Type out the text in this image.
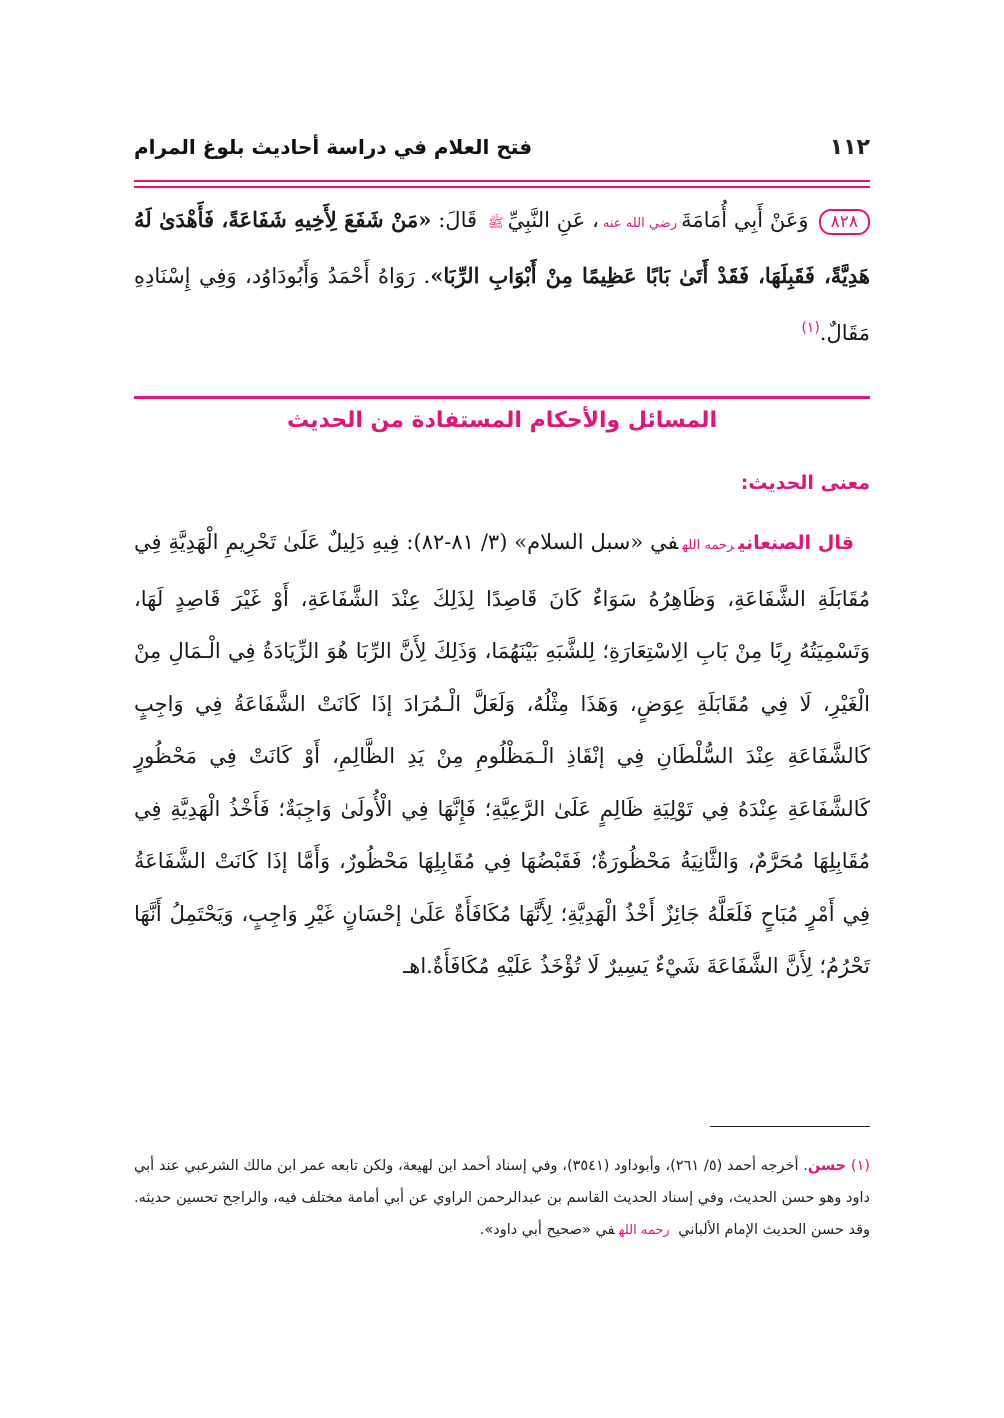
١١٢
فتح العلام في دراسة أحاديث بلوغ المرام
٨٢٨وَعَنْ أَبِي أُمَامَةَرضي الله عنه، عَنِ النَّبِيِّﷺ قَالَ: «مَنْ شَفَعَ لِأَخِيهِ شَفَاعَةً، فَأَهْدَىٰ لَهُ هَدِيَّةً، فَقَبِلَهَا، فَقَدْ أَتَىٰ بَابًا عَظِيمًا مِنْ أَبْوَابِ الرِّبَا». رَوَاهُ أَحْمَدُ وَأَبُودَاوُد، وَفِي إِسْنَادِهِ مَقَالٌ.$^{(١)}$
المسائل والأحكام المستفادة من الحديث
معنى الحديث:
قال الصنعانيرحمه اللهفي «سبل السلام» (٣/ ٨١-٨٢): فِيهِ دَلِيلٌ عَلَىٰ تَحْرِيمِ الْهَدِيَّةِ فِي مُقَابَلَةِ الشَّفَاعَةِ، وَظَاهِرُهُ سَوَاءٌ كَانَ قَاصِدًا لِذَلِكَ عِنْدَ الشَّفَاعَةِ، أَوْ غَيْرَ قَاصِدٍ لَهَا، وَتَسْمِيَتُهُ رِبًا مِنْ بَابِ الِاسْتِعَارَةِ؛ لِلشَّبَهِ بَيْنَهُمَا، وَذَلِكَ لِأَنَّ الرِّبَا هُوَ الزِّيَادَةُ فِي الْـمَالِ مِنْ الْغَيْرِ، لَا فِي مُقَابَلَةِ عِوَضٍ، وَهَذَا مِثْلُهُ، وَلَعَلَّ الْـمُرَادَ إذَا كَانَتْ الشَّفَاعَةُ فِي وَاجِبٍ كَالشَّفَاعَةِ عِنْدَ السُّلْطَانِ فِي إنْقَاذِ الْـمَظْلُومِ مِنْ يَدِ الظَّالِمِ، أَوْ كَانَتْ فِي مَحْظُورٍ كَالشَّفَاعَةِ عِنْدَهُ فِي تَوْلِيَةِ ظَالِمٍ عَلَىٰ الرَّعِيَّةِ؛ فَإِنَّهَا فِي الْأُولَىٰ وَاجِبَةٌ؛ فَأَخْذُ الْهَدِيَّةِ فِي مُقَابِلِهَا مُحَرَّمٌ، وَالثَّانِيَةُ مَحْظُورَةٌ؛ فَقَبْضُهَا فِي مُقَابِلِهَا مَحْظُورٌ، وَأَمَّا إذَا كَانَتْ الشَّفَاعَةُ فِي أَمْرٍ مُبَاحٍ فَلَعَلَّهُ جَائِزٌ أَخْذُ الْهَدِيَّةِ؛ لِأَنَّهَا مُكَافَأَةٌ عَلَىٰ إحْسَانٍ غَيْرِ وَاجِبٍ، وَيَحْتَمِلُ أَنَّهَا تَحْرُمُ؛ لِأَنَّ الشَّفَاعَةَ شَيْءٌ يَسِيرٌ لَا تُؤْخَذُ عَلَيْهِ مُكَافَأَةٌ.اهـ
(١) حسن. أخرجه أحمد (٥/ ٢٦١)، وأبوداود (٣٥٤١)، وفي إسناد أحمد ابن لهيعة، ولكن تابعه عمر ابن مالك الشرعبي عند أبي داود وهو حسن الحديث، وفي إسناد الحديث القاسم بن عبدالرحمن الراوي عن أبي أمامة مختلف فيه، والراجح تحسين حديثه. وقد حسن الحديث الإمام الألباني رحمه اللهفي «صحيح أبي داود».
